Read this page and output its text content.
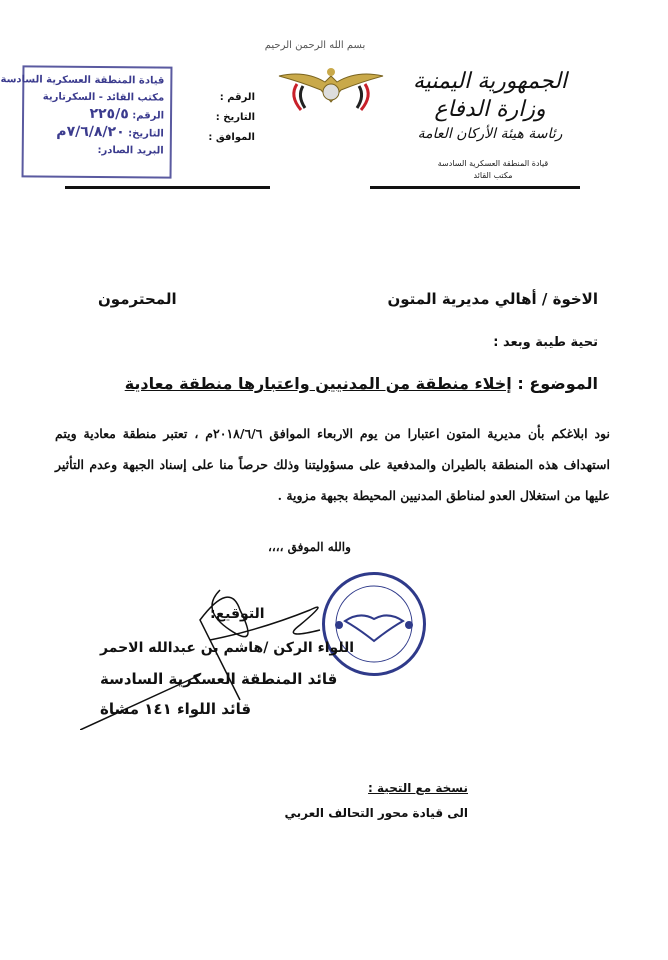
بسم الله الرحمن الرحيم
الجمهورية اليمنية
وزارة الدفاع
رئاسة هيئة الأركان العامة
قيادة المنطقة العسكرية السادسة
مكتب القائد
الرقم :
التاريخ :
الموافق :
قيادة المنطقة العسكرية السادسة
مكتب القائد - السكرتارية
الرقم: ٢٢٥/٥
التاريخ: ٧/٦/٨/٢٠م
البريد الصادر:
الاخوة / أهالي مديرية المتون
المحترمون
تحية طيبة وبعد :
الموضوع : إخلاء منطقة من المدنيين واعتبارها منطقة معادية
نود ابلاغكم بأن مديرية المتون اعتبارا من يوم الاربعاء الموافق ٢٠١٨/٦/٦م ، تعتبر منطقة معادية ويتم استهداف هذه المنطقة بالطيران والمدفعية على مسؤوليتنا وذلك حرصاً منا على إسناد الجبهة وعدم التأثير عليها من استغلال العدو لمناطق المدنيين المحيطة بجبهة مزوية .
والله الموفق ،،،،
التوقيع:
اللواء الركن /هاشم بن عبدالله الاحمر
قائد المنطقة العسكرية السادسة
قائد اللواء ١٤١ مشاة
نسخة مع التحية :
الى قيادة محور التحالف العربي
